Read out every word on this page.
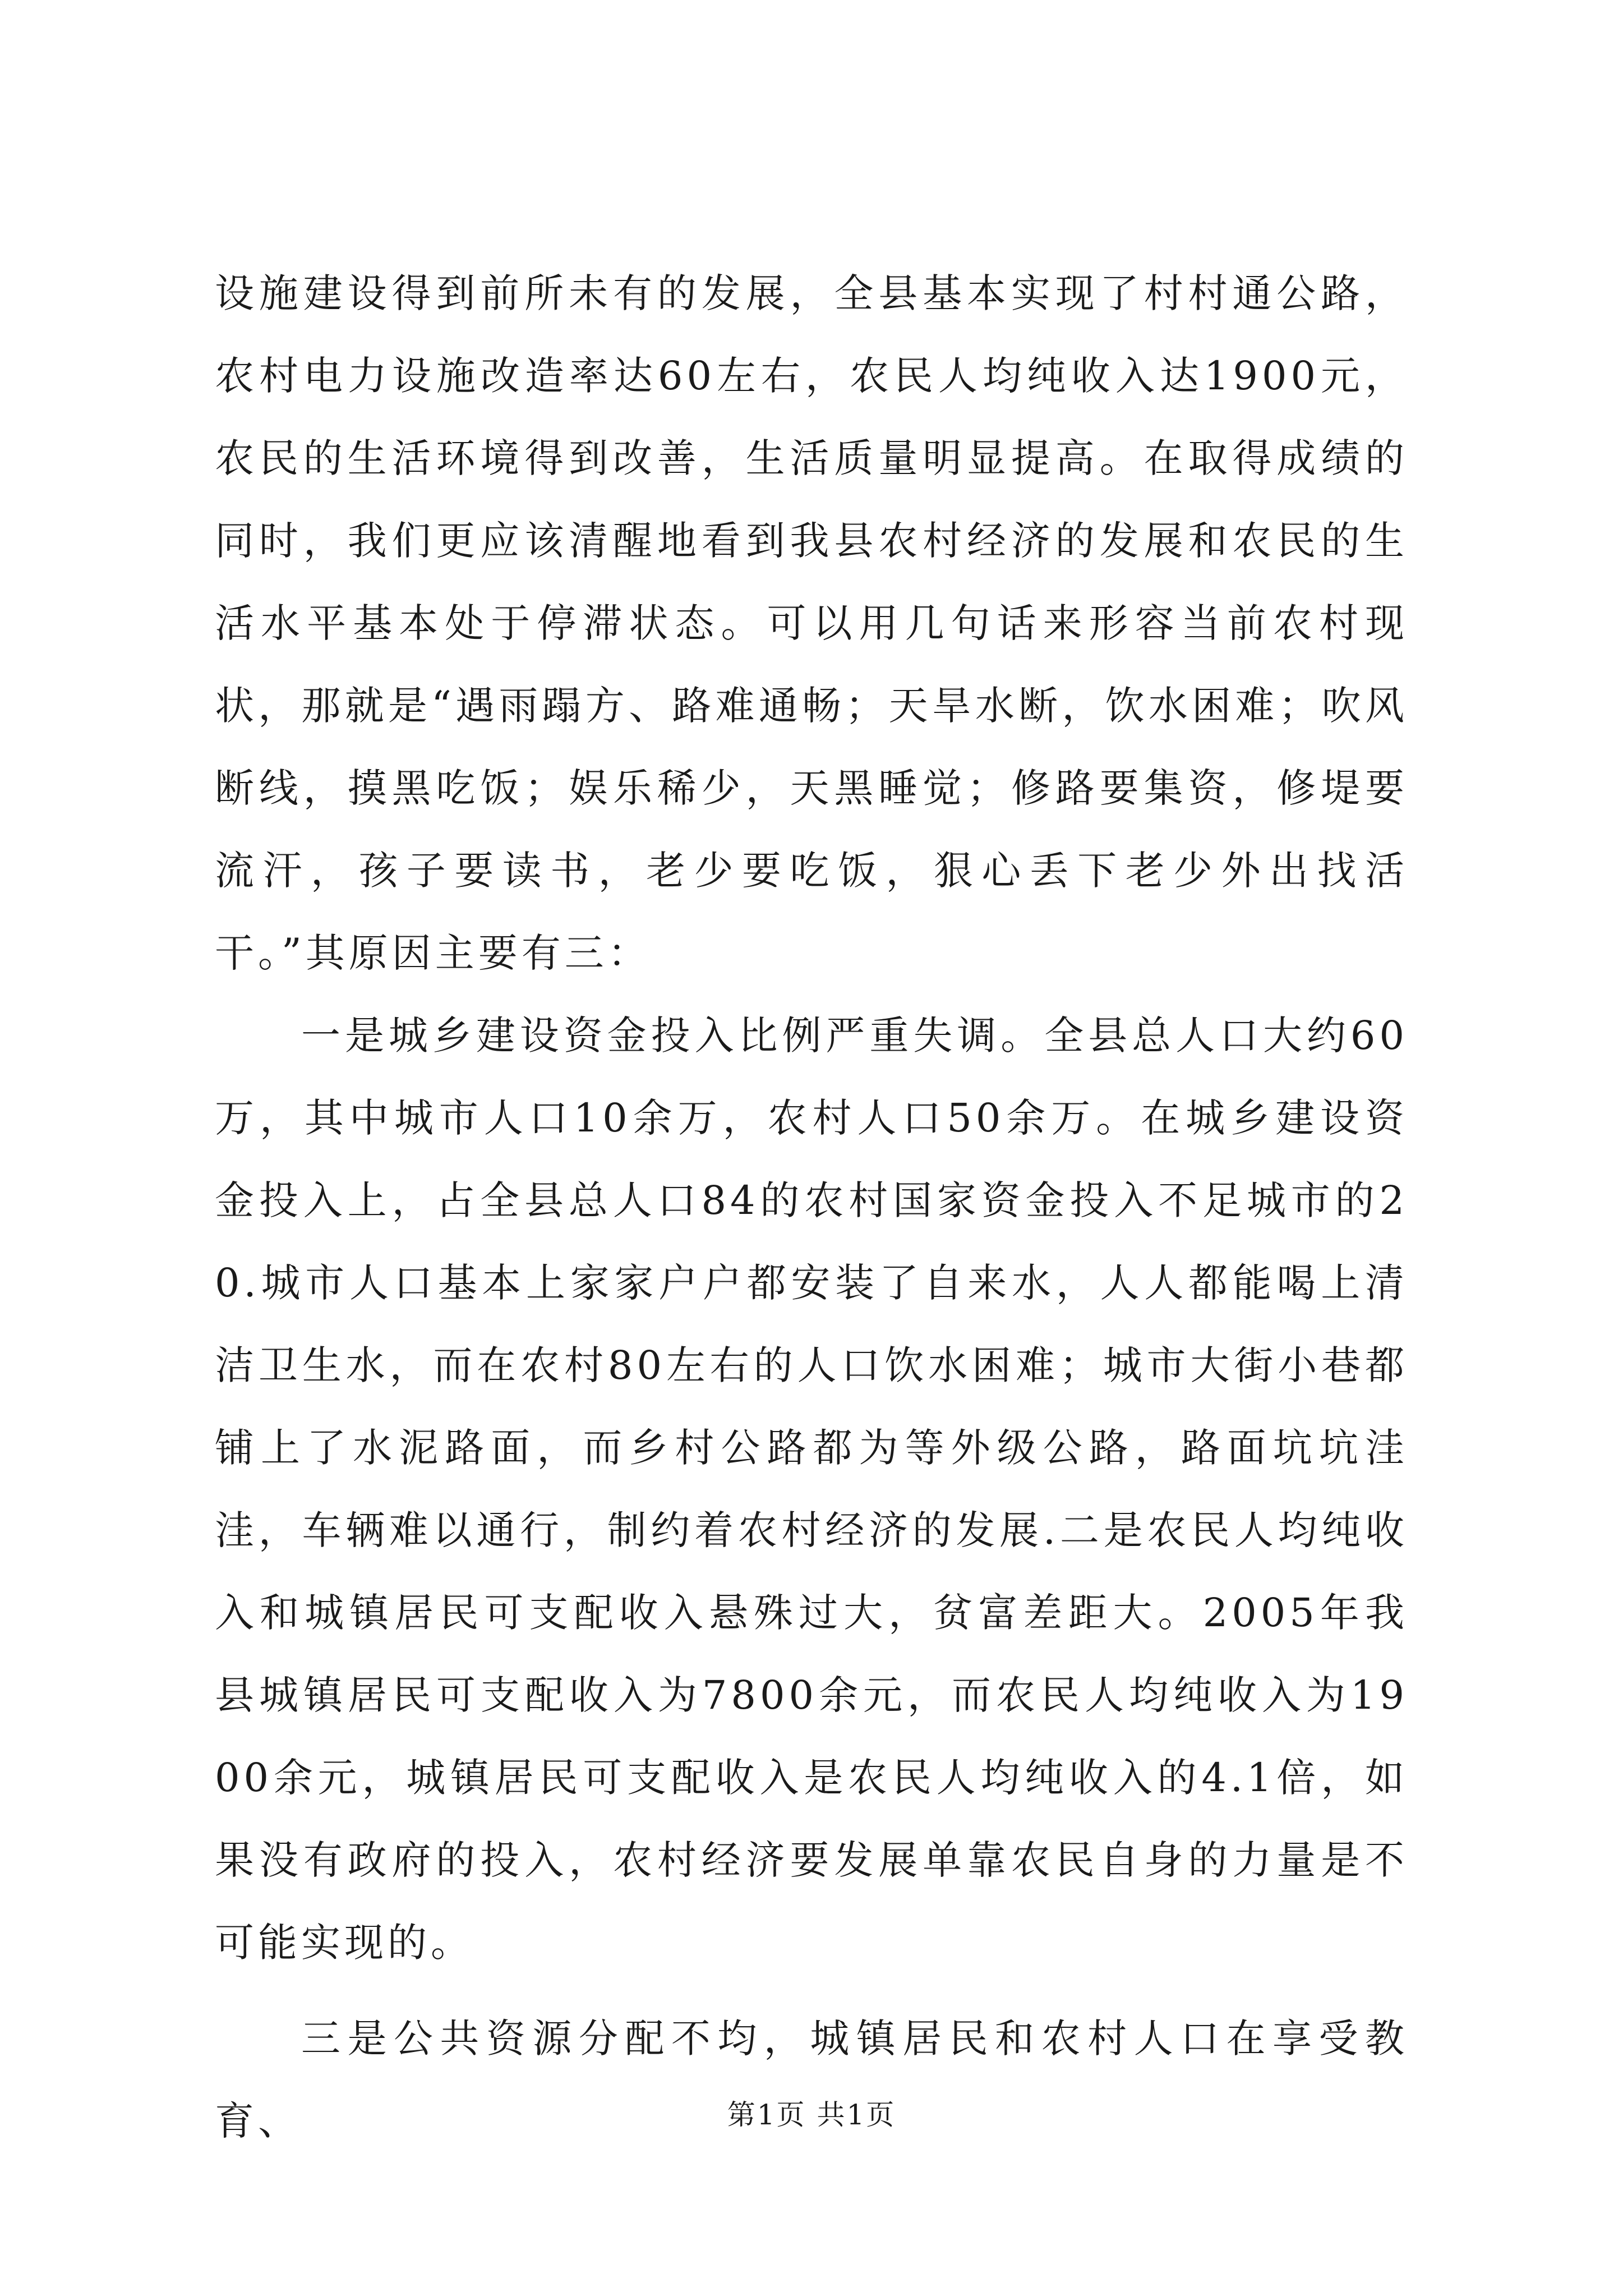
设施建设得到前所未有的发展，全县基本实现了村村通公路，农村电力设施改造率达60左右，农民人均纯收入达1900元，农民的生活环境得到改善，生活质量明显提高。在取得成绩的同时，我们更应该清醒地看到我县农村经济的发展和农民的生活水平基本处于停滞状态。可以用几句话来形容当前农村现状，那就是“遇雨蹋方、路难通畅；天旱水断，饮水困难；吹风断线，摸黑吃饭；娱乐稀少，天黑睡觉；修路要集资，修堤要流汗，孩子要读书，老少要吃饭，狠心丢下老少外出找活干。”其原因主要有三：

一是城乡建设资金投入比例严重失调。全县总人口大约60万，其中城市人口10余万，农村人口50余万。在城乡建设资金投入上，占全县总人口84的农村国家资金投入不足城市的20.城市人口基本上家家户户都安装了自来水，人人都能喝上清洁卫生水，而在农村80左右的人口饮水困难；城市大街小巷都铺上了水泥路面，而乡村公路都为等外级公路，路面坑坑洼洼，车辆难以通行，制约着农村经济的发展.二是农民人均纯收入和城镇居民可支配收入悬殊过大，贫富差距大。2005年我县城镇居民可支配收入为7800余元，而农民人均纯收入为1900余元，城镇居民可支配收入是农民人均纯收入的4.1倍，如果没有政府的投入，农村经济要发展单靠农民自身的力量是不可能实现的。

三是公共资源分配不均，城镇居民和农村人口在享受教育、	第1页 共1页
